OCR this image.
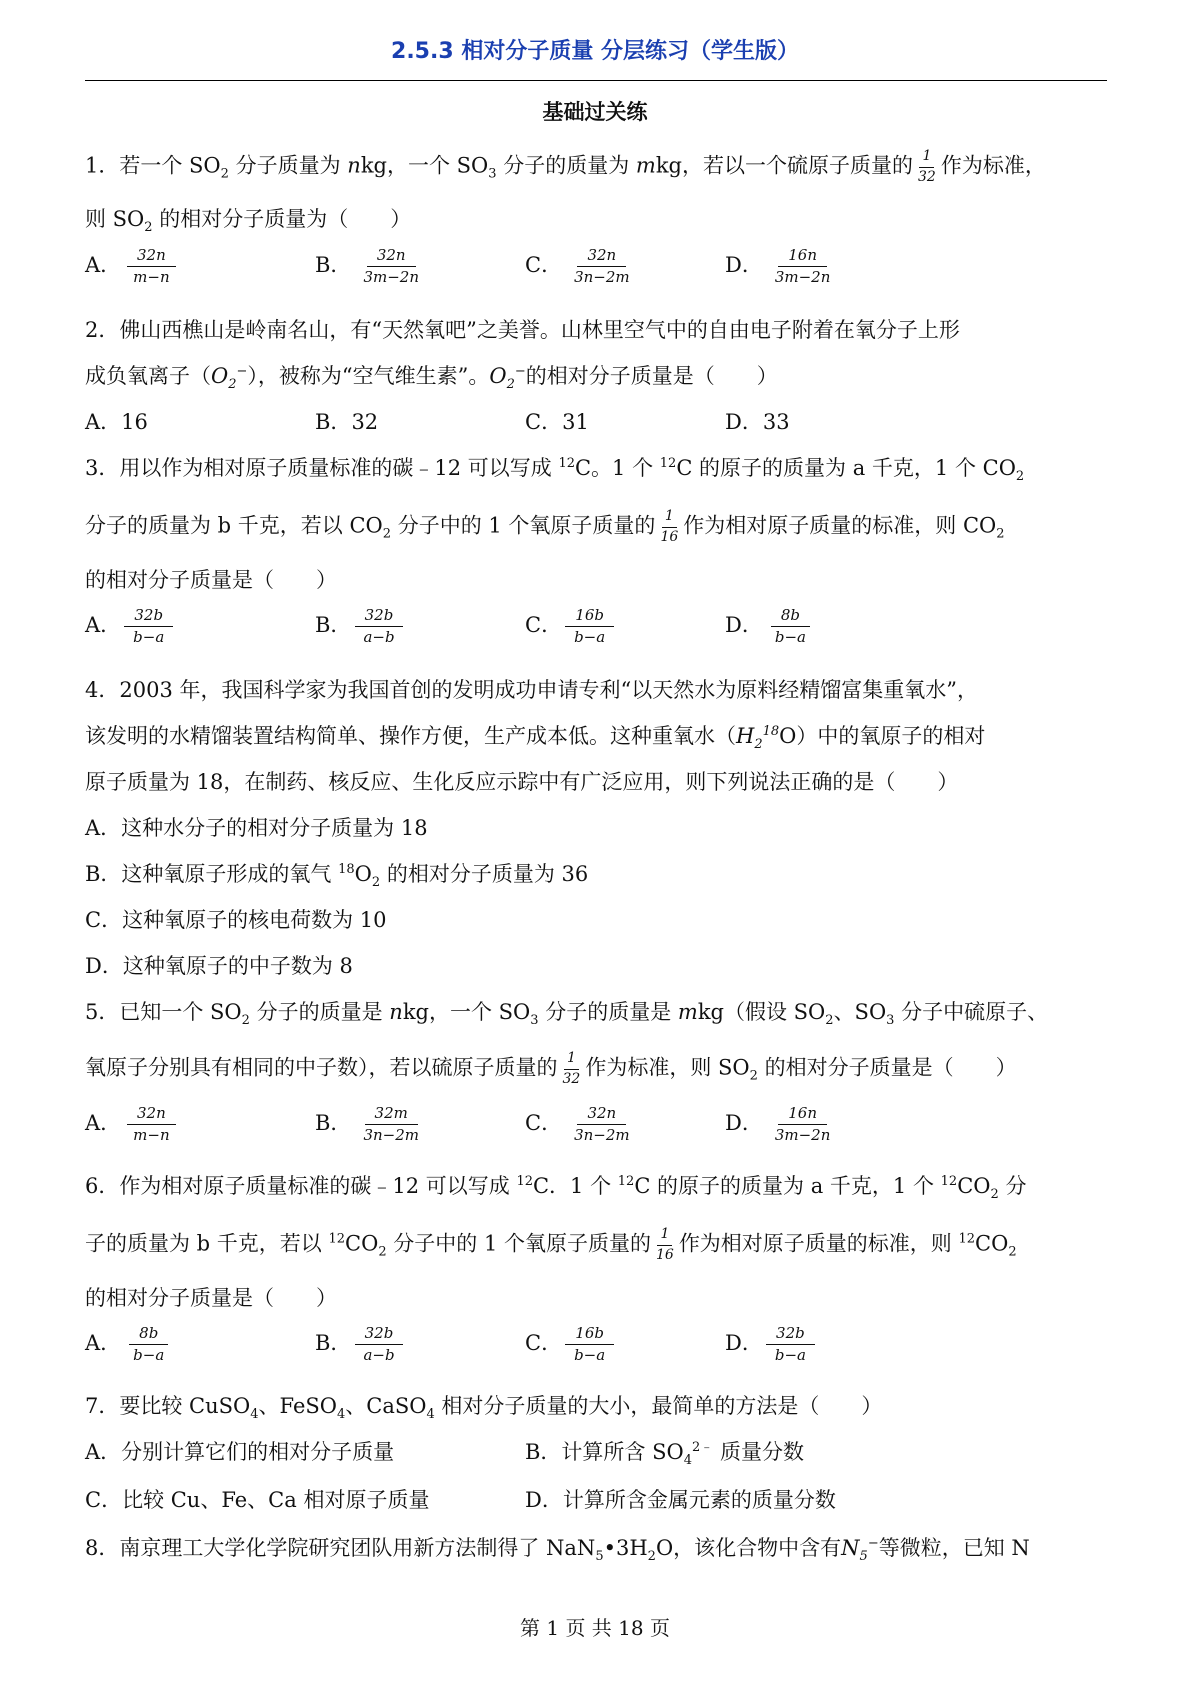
2.5.3 相对分子质量 分层练习（学生版）
基础过关练
1．若一个 $SO_2$ 分子质量为 nkg，一个 $SO_3$ 分子的质量为 mkg，若以一个硫原子质量的 $\frac{1}{32}$ 作为标准，
则 $SO_2$ 的相对分子质量为（　　）
A． $\frac{32n}{m-n}$	B． $\frac{32n}{3m-2n}$	C． $\frac{32n}{3n-2m}$	D． $\frac{16n}{3m-2n}$
2．佛山西樵山是岭南名山，有“天然氧吧”之美誉。山林里空气中的自由电子附着在氧分子上形
成负氧离子$(O_2^-)$，被称为“空气维生素”。$O_2^-$的相对分子质量是（　　）
A．16	B．32	C．31	D．33
3．用以作为相对原子质量标准的碳﹣12 可以写成 $^{12}$C。1 个 $^{12}$C 的原子的质量为 a 千克，1 个 $CO_2$
分子的质量为 b 千克，若以 $CO_2$ 分子中的 1 个氧原子质量的 $\frac{1}{16}$ 作为相对原子质量的标准，则 $CO_2$
的相对分子质量是（　　）
A． $\frac{32b}{b-a}$	B． $\frac{32b}{a-b}$	C． $\frac{16b}{b-a}$	D． $\frac{8b}{b-a}$
4．2003 年，我国科学家为我国首创的发明成功申请专利“以天然水为原料经精馏富集重氧水”，
该发明的水精馏装置结构简单、操作方便，生产成本低。这种重氧水$(H_2^{18}O)$中的氧原子的相对
原子质量为 18，在制药、核反应、生化反应示踪中有广泛应用，则下列说法正确的是（　　）
A．这种水分子的相对分子质量为 18
B．这种氧原子形成的氧气 $^{18}O_2$ 的相对分子质量为 36
C．这种氧原子的核电荷数为 10
D．这种氧原子的中子数为 8
5．已知一个 $SO_2$ 分子的质量是 nkg，一个 $SO_3$ 分子的质量是 mkg（假设 $SO_2$、$SO_3$ 分子中硫原子、
氧原子分别具有相同的中子数），若以硫原子质量的 $\frac{1}{32}$ 作为标准，则 $SO_2$ 的相对分子质量是（　　）
A． $\frac{32n}{m-n}$	B． $\frac{32m}{3n-2m}$	C． $\frac{32n}{3n-2m}$	D． $\frac{16n}{3m-2n}$
6．作为相对原子质量标准的碳﹣12 可以写成 $^{12}$C．1 个 $^{12}$C 的原子的质量为 a 千克，1 个 $^{12}CO_2$ 分
子的质量为 b 千克，若以 $^{12}CO_2$ 分子中的 1 个氧原子质量的 $\frac{1}{16}$ 作为相对原子质量的标准，则 $^{12}CO_2$
的相对分子质量是（　　）
A． $\frac{8b}{b-a}$	B． $\frac{32b}{a-b}$	C． $\frac{16b}{b-a}$	D． $\frac{32b}{b-a}$
7．要比较 CuSO$_4$、FeSO$_4$、CaSO$_4$ 相对分子质量的大小，最简单的方法是（　　）
A．分别计算它们的相对分子质量	B．计算所含 $SO_4^{2﹣}$ 质量分数
C．比较 Cu、Fe、Ca 相对原子质量	D．计算所含金属元素的质量分数
8．南京理工大学化学院研究团队用新方法制得了 $NaN_5•3H_2O$，该化合物中含有$N_5^-$等微粒，已知 N
第 1 页 共 18 页
